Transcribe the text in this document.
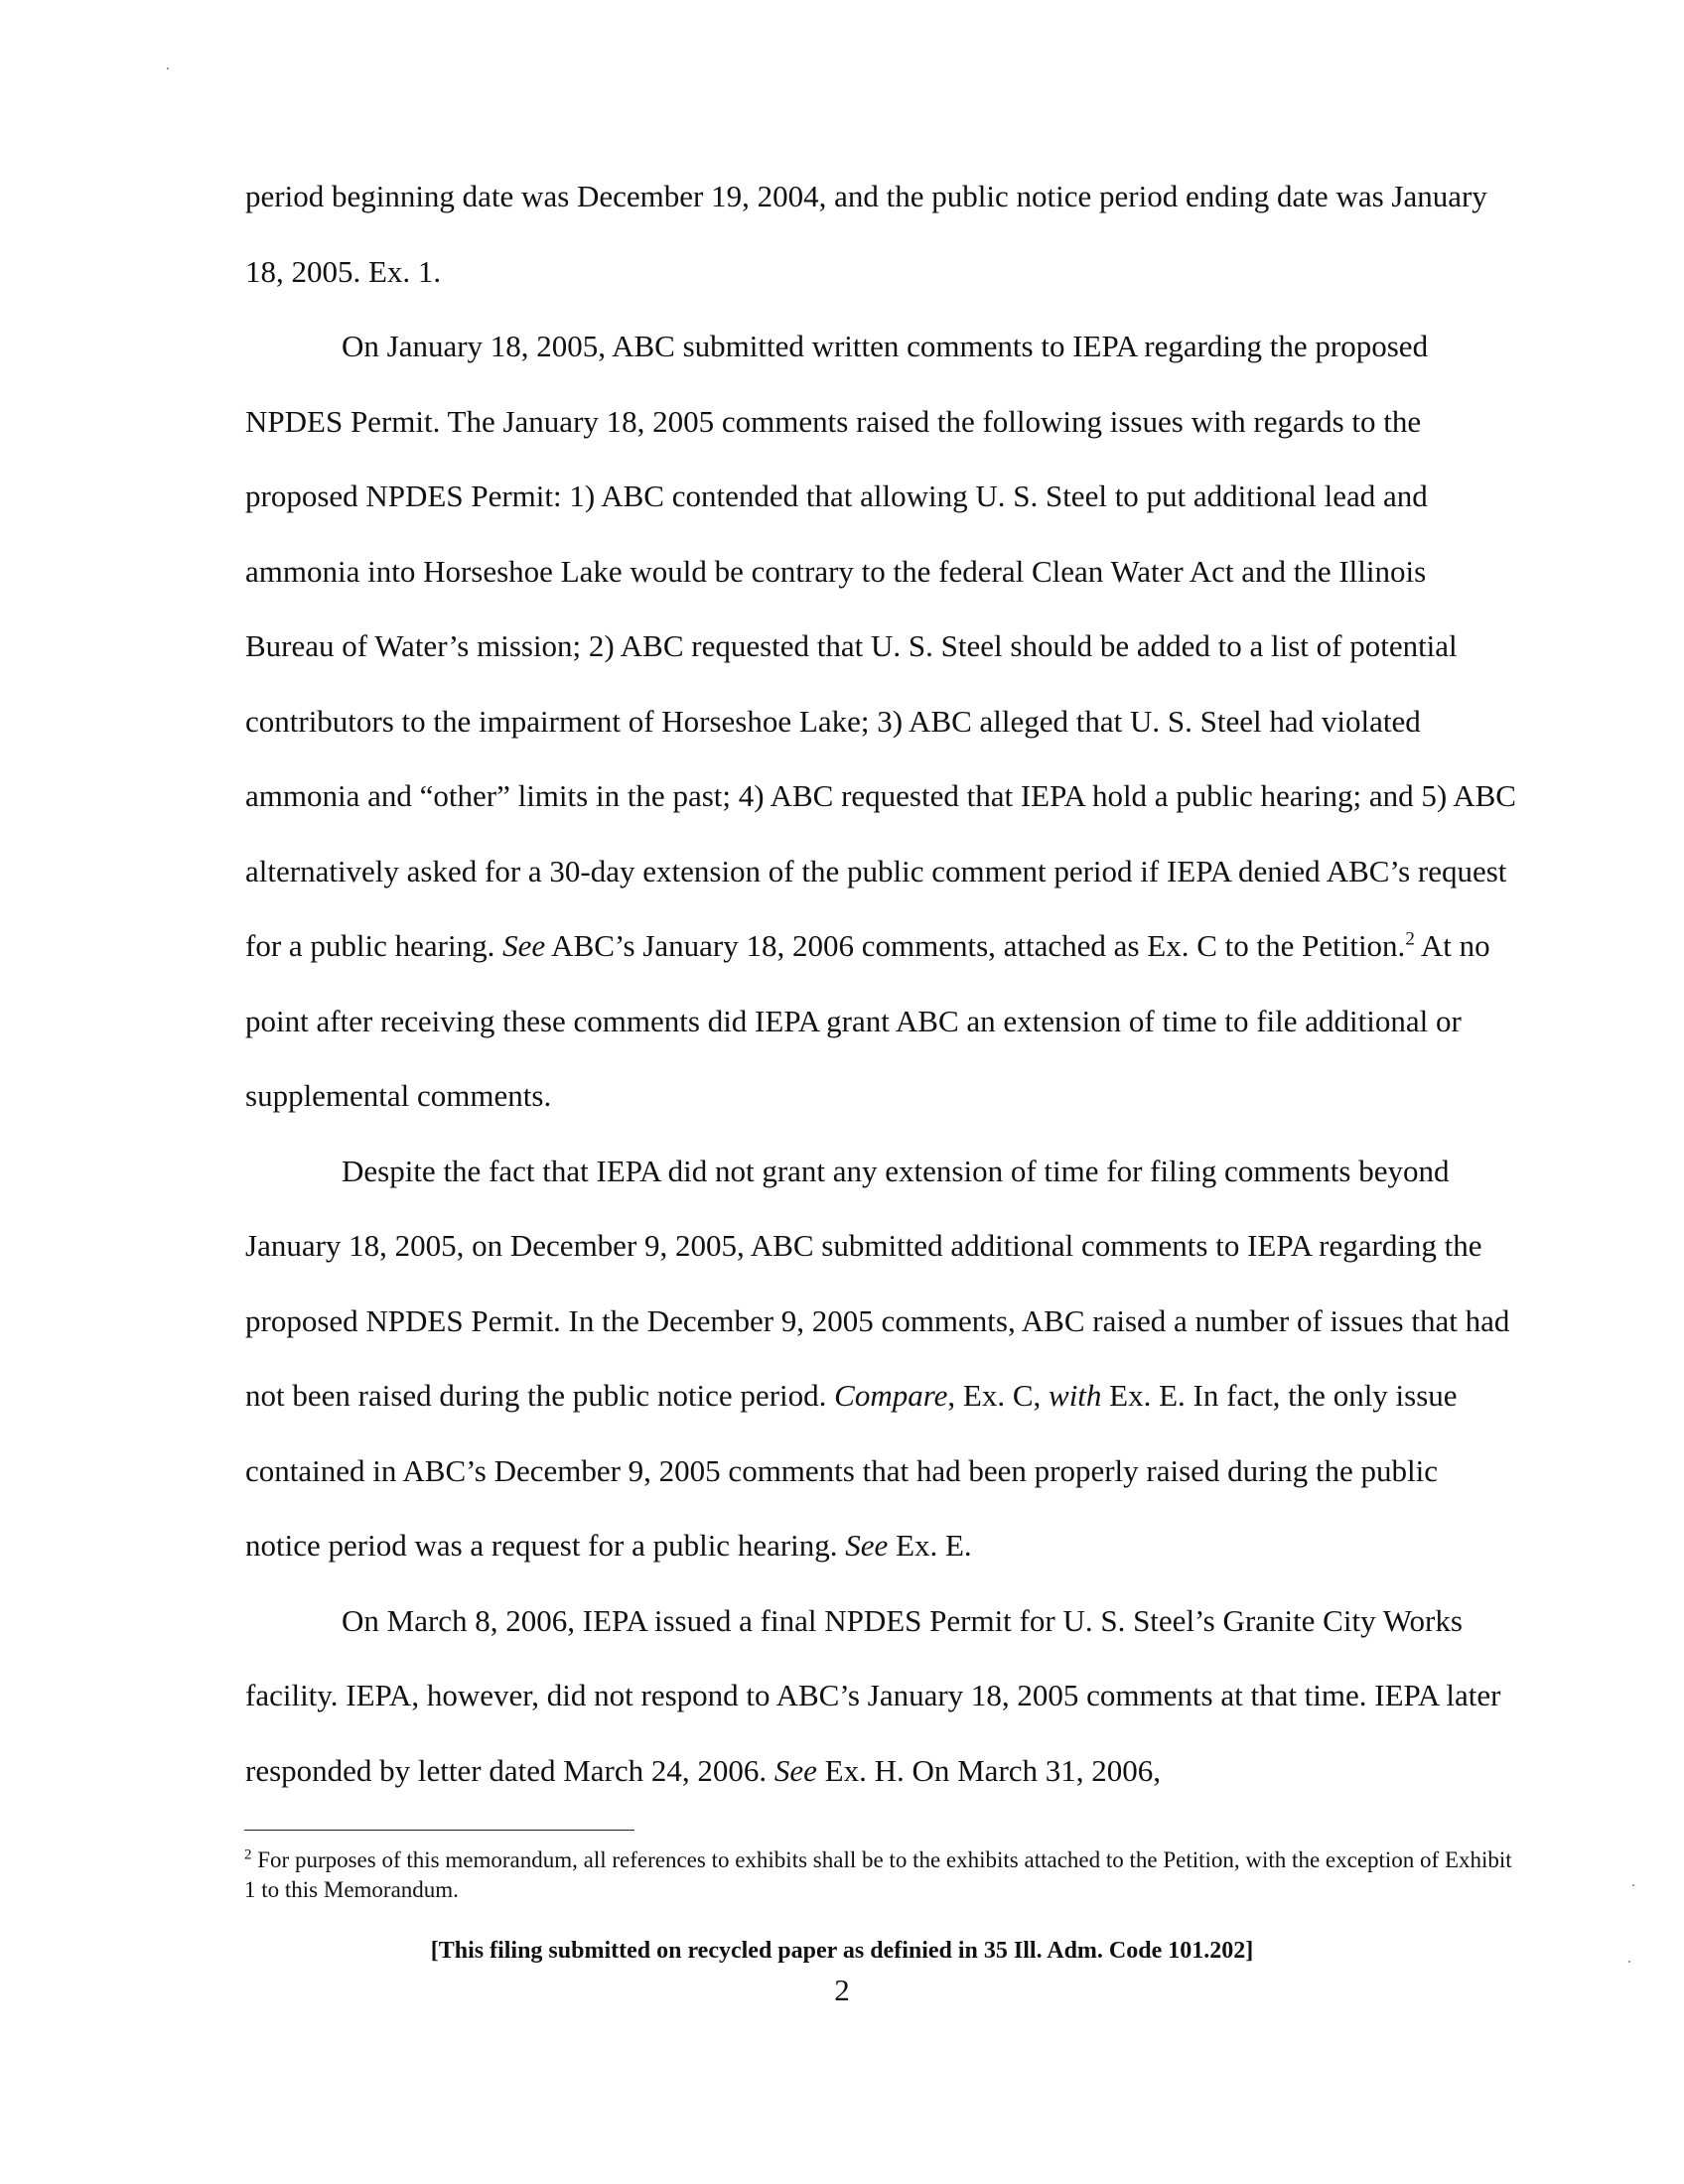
period beginning date was December 19, 2004, and the public notice period ending date was January 18, 2005. Ex. 1.

On January 18, 2005, ABC submitted written comments to IEPA regarding the proposed NPDES Permit. The January 18, 2005 comments raised the following issues with regards to the proposed NPDES Permit: 1) ABC contended that allowing U. S. Steel to put additional lead and ammonia into Horseshoe Lake would be contrary to the federal Clean Water Act and the Illinois Bureau of Water’s mission; 2) ABC requested that U. S. Steel should be added to a list of potential contributors to the impairment of Horseshoe Lake; 3) ABC alleged that U. S. Steel had violated ammonia and “other” limits in the past; 4) ABC requested that IEPA hold a public hearing; and 5) ABC alternatively asked for a 30-day extension of the public comment period if IEPA denied ABC’s request for a public hearing. See ABC’s January 18, 2006 comments, attached as Ex. C to the Petition.$^2$ At no point after receiving these comments did IEPA grant ABC an extension of time to file additional or supplemental comments.

Despite the fact that IEPA did not grant any extension of time for filing comments beyond January 18, 2005, on December 9, 2005, ABC submitted additional comments to IEPA regarding the proposed NPDES Permit. In the December 9, 2005 comments, ABC raised a number of issues that had not been raised during the public notice period. Compare, Ex. C, with Ex. E. In fact, the only issue contained in ABC’s December 9, 2005 comments that had been properly raised during the public notice period was a request for a public hearing. See Ex. E.

On March 8, 2006, IEPA issued a final NPDES Permit for U. S. Steel’s Granite City Works facility. IEPA, however, did not respond to ABC’s January 18, 2005 comments at that time. IEPA later responded by letter dated March 24, 2006. See Ex. H. On March 31, 2006,

$^2$ For purposes of this memorandum, all references to exhibits shall be to the exhibits attached to the Petition, with the exception of Exhibit 1 to this Memorandum.
[This filing submitted on recycled paper as definied in 35 Ill. Adm. Code 101.202]
2
